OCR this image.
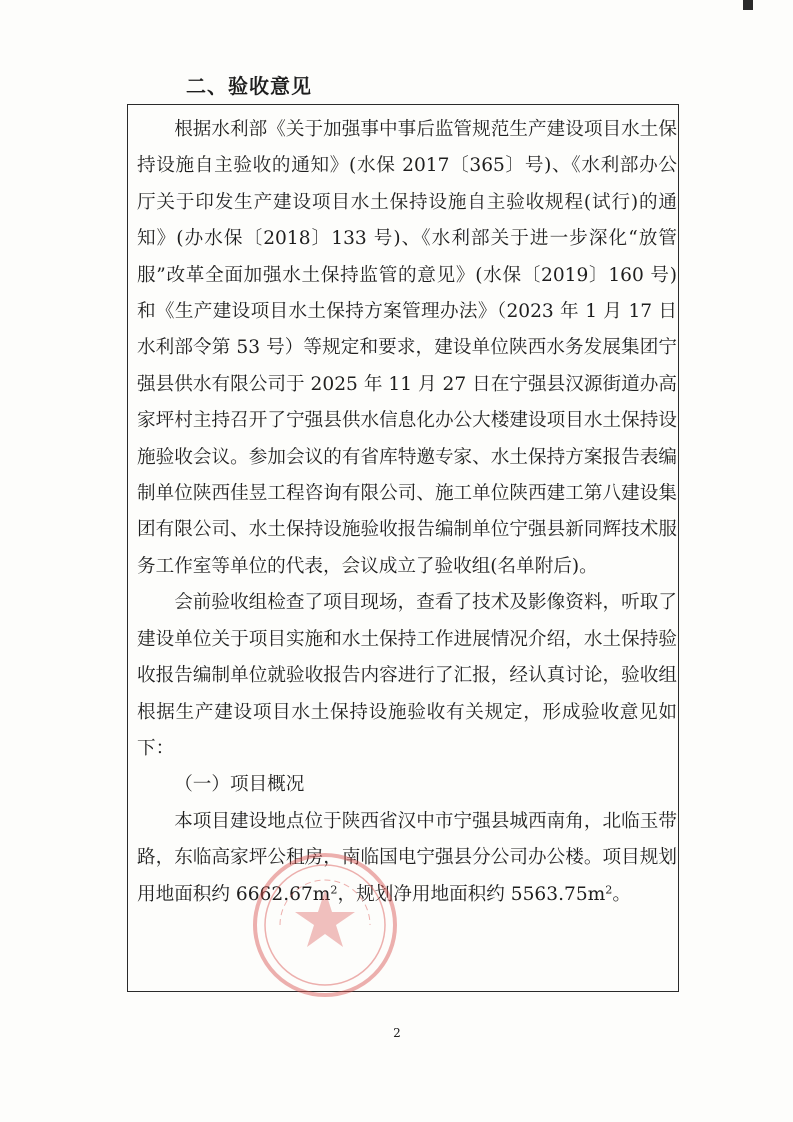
二、验收意见

根据水利部《关于加强事中事后监管规范生产建设项目水土保持设施自主验收的通知》(水保 2017〔365〕号)、《水利部办公厅关于印发生产建设项目水土保持设施自主验收规程(试行)的通知》(办水保〔2018〕133 号)、《水利部关于进一步深化“放管服”改革全面加强水土保持监管的意见》(水保〔2019〕160 号)和《生产建设项目水土保持方案管理办法》（2023 年 1 月 17 日水利部令第 53 号）等规定和要求，建设单位陕西水务发展集团宁强县供水有限公司于 2025 年 11 月 27 日在宁强县汉源街道办高家坪村主持召开了宁强县供水信息化办公大楼建设项目水土保持设施验收会议。参加会议的有省库特邀专家、水土保持方案报告表编制单位陕西佳昱工程咨询有限公司、施工单位陕西建工第八建设集团有限公司、水土保持设施验收报告编制单位宁强县新同辉技术服务工作室等单位的代表，会议成立了验收组(名单附后)。

会前验收组检查了项目现场，查看了技术及影像资料，听取了建设单位关于项目实施和水土保持工作进展情况介绍，水土保持验收报告编制单位就验收报告内容进行了汇报，经认真讨论，验收组根据生产建设项目水土保持设施验收有关规定，形成验收意见如下：

（一）项目概况

本项目建设地点位于陕西省汉中市宁强县城西南角，北临玉带路，东临高家坪公租房，南临国电宁强县分公司办公楼。项目规划用地面积约 $6662.67m^2$，规划净用地面积约 $5563.75m^2$。

2
